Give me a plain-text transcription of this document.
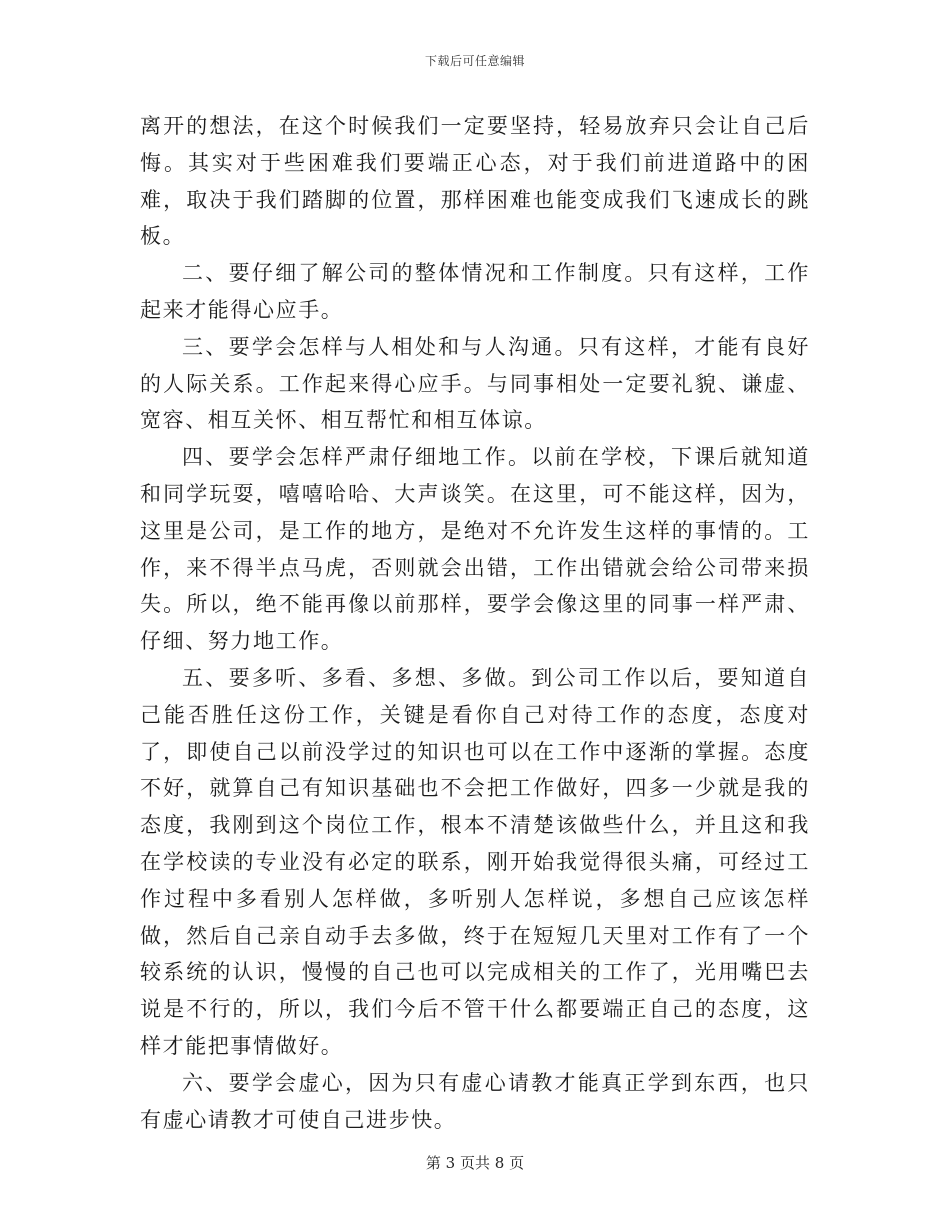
下载后可任意编辑

离开的想法，在这个时候我们一定要坚持，轻易放弃只会让自己后悔。其实对于些困难我们要端正心态，对于我们前进道路中的困难，取决于我们踏脚的位置，那样困难也能变成我们飞速成长的跳板。

二、要仔细了解公司的整体情况和工作制度。只有这样，工作起来才能得心应手。

三、要学会怎样与人相处和与人沟通。只有这样，才能有良好的人际关系。工作起来得心应手。与同事相处一定要礼貌、谦虚、宽容、相互关怀、相互帮忙和相互体谅。

四、要学会怎样严肃仔细地工作。以前在学校，下课后就知道和同学玩耍，嘻嘻哈哈、大声谈笑。在这里，可不能这样，因为，这里是公司，是工作的地方，是绝对不允许发生这样的事情的。工作，来不得半点马虎，否则就会出错，工作出错就会给公司带来损失。所以，绝不能再像以前那样，要学会像这里的同事一样严肃、仔细、努力地工作。

五、要多听、多看、多想、多做。到公司工作以后，要知道自己能否胜任这份工作，关键是看你自己对待工作的态度，态度对了，即使自己以前没学过的知识也可以在工作中逐渐的掌握。态度不好，就算自己有知识基础也不会把工作做好，四多一少就是我的态度，我刚到这个岗位工作，根本不清楚该做些什么，并且这和我在学校读的专业没有必定的联系，刚开始我觉得很头痛，可经过工作过程中多看别人怎样做，多听别人怎样说，多想自己应该怎样做，然后自己亲自动手去多做，终于在短短几天里对工作有了一个较系统的认识，慢慢的自己也可以完成相关的工作了，光用嘴巴去说是不行的，所以，我们今后不管干什么都要端正自己的态度，这样才能把事情做好。

六、要学会虚心，因为只有虚心请教才能真正学到东西，也只有虚心请教才可使自己进步快。

第 3 页共 8 页
